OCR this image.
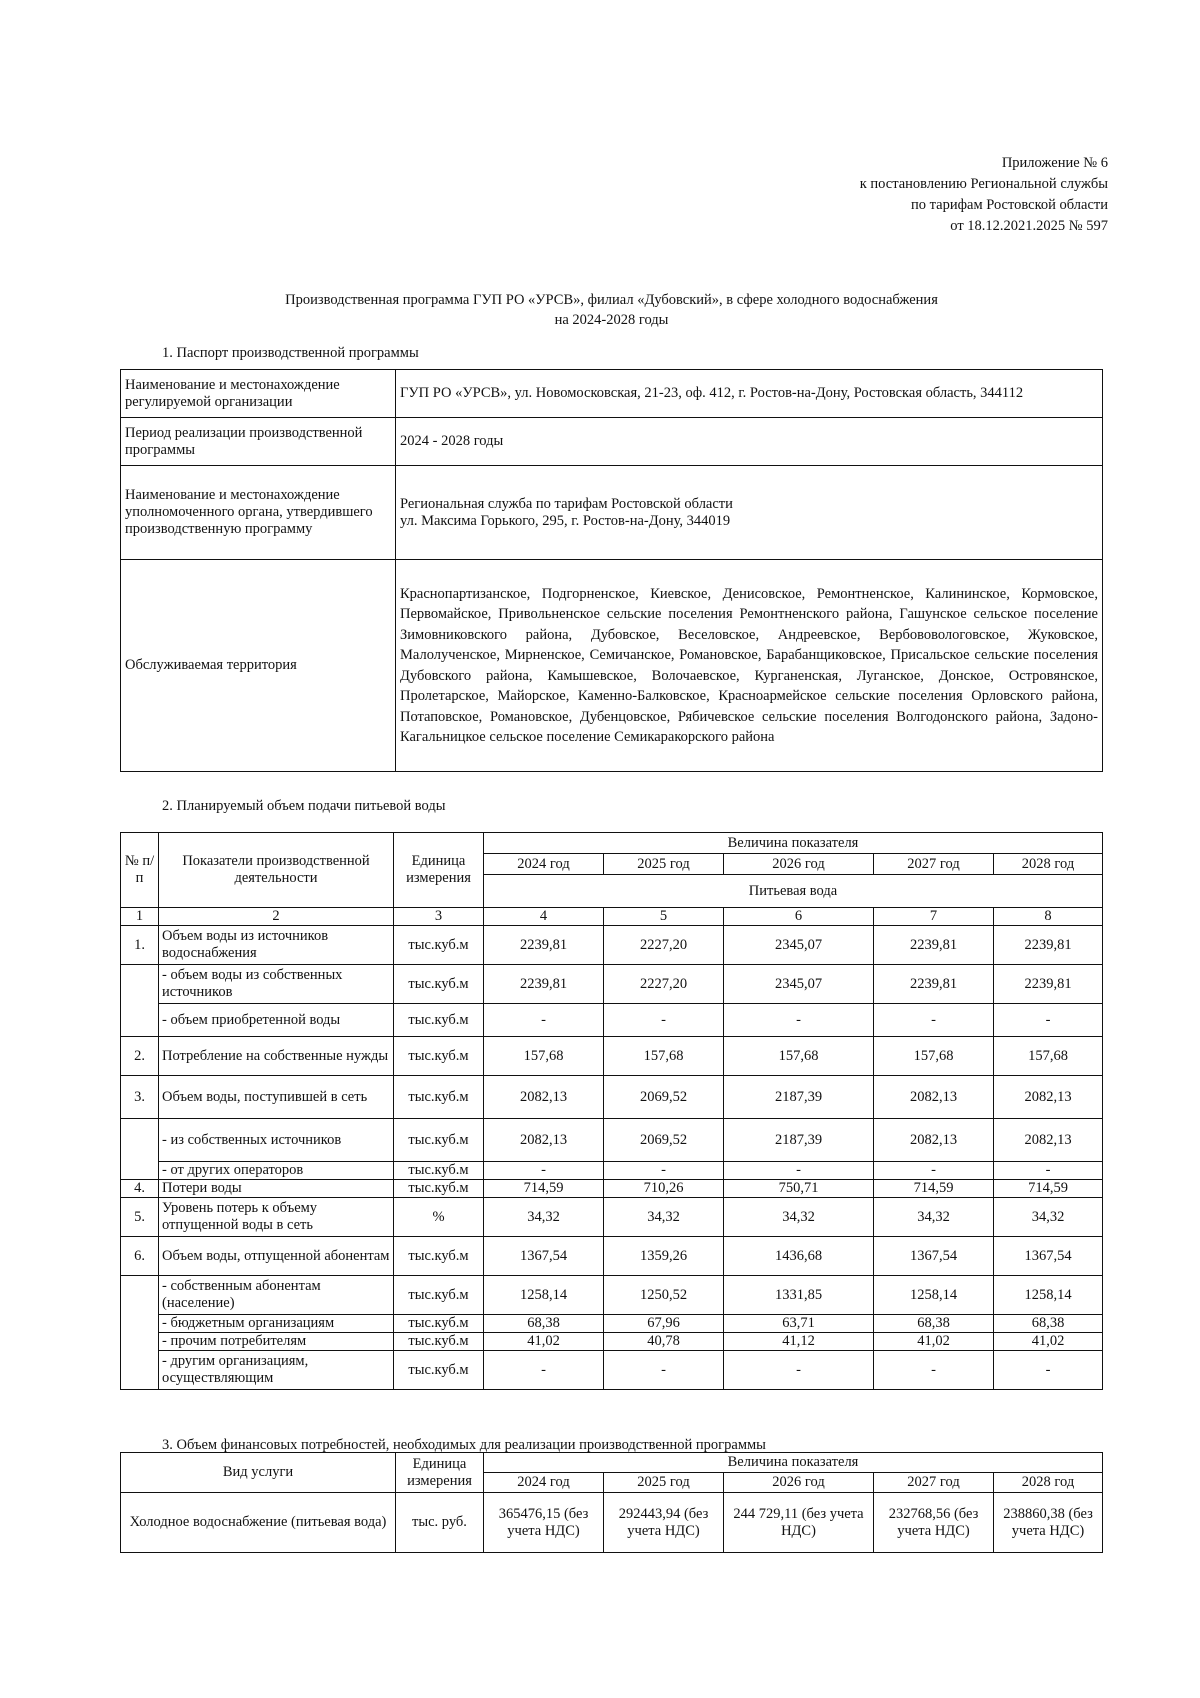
Приложение № 6
к постановлению Региональной службы
по тарифам Ростовской области
от 18.12.2021.2025 № 597
Производственная программа ГУП РО «УРСВ», филиал «Дубовский», в сфере холодного водоснабжения
на 2024-2028 годы
1. Паспорт производственной программы
Наименование и местонахождение регулируемой организации	ГУП РО «УРСВ», ул. Новомосковская, 21-23, оф. 412, г. Ростов-на-Дону, Ростовская область, 344112
Период реализации производственной программы	2024 - 2028 годы
Наименование и местонахождение уполномоченного органа, утвердившего производственную программу	Региональная служба по тарифам Ростовской области
ул. Максима Горького, 295, г. Ростов-на-Дону, 344019

Обслуживаемая территория	Краснопартизанское, Подгорненское, Киевское, Денисовское, Ремонтненское, Калининское, Кормовское, Первомайское, Привольненское сельские поселения Ремонтненского района, Гашунское сельское поселение Зимовниковского района, Дубовское, Веселовское, Андреевское, Вербововологовское, Жуковское, Малолученское, Мирненское, Семичанское, Романовское, Барабанщиковское, Присальское сельские поселения Дубовского района, Камышевское, Волочаевское, Курганенская, Луганское, Донское, Островянское, Пролетарское, Майорское, Каменно-Балковское, Красноармейское сельские поселения Орловского района, Потаповское, Романовское, Дубенцовское, Рябичевское сельские поселения Волгодонского района, Задоно-Кагальницкое сельское поселение Семикаракорского района
2. Планируемый объем подачи питьевой воды
№ п/п	Показатели производственной деятельности	Единица измерения	Величина показателя				
			2024 год	2025 год	2026 год	2027 год	2028 год
			Питьевая вода				
1	2	3	4	5	6	7	8
1.	Объем воды из источников водоснабжения	тыс.куб.м	2239,81	2227,20	2345,07	2239,81	2239,81
	- объем воды из собственных источников	тыс.куб.м	2239,81	2227,20	2345,07	2239,81	2239,81
	- объем приобретенной воды	тыс.куб.м	-	-	-	-	-
2.	Потребление на собственные нужды	тыс.куб.м	157,68	157,68	157,68	157,68	157,68
3.	Объем воды, поступившей в сеть	тыс.куб.м	2082,13	2069,52	2187,39	2082,13	2082,13
	- из собственных источников	тыс.куб.м	2082,13	2069,52	2187,39	2082,13	2082,13
	- от других операторов	тыс.куб.м	-	-	-	-	-
4.	Потери воды	тыс.куб.м	714,59	710,26	750,71	714,59	714,59
5.	Уровень потерь к объему отпущенной воды в сеть	%	34,32	34,32	34,32	34,32	34,32
6.	Объем воды, отпущенной абонентам	тыс.куб.м	1367,54	1359,26	1436,68	1367,54	1367,54
	- собственным абонентам (население)	тыс.куб.м	1258,14	1250,52	1331,85	1258,14	1258,14
	- бюджетным организациям	тыс.куб.м	68,38	67,96	63,71	68,38	68,38
	- прочим потребителям	тыс.куб.м	41,02	40,78	41,12	41,02	41,02
	- другим организациям, осуществляющим	тыс.куб.м	-	-	-	-	-
3. Объем финансовых потребностей, необходимых для реализации производственной программы
Вид услуги	Единица измерения	Величина показателя				
		2024 год	2025 год	2026 год	2027 год	2028 год
Холодное водоснабжение (питьевая вода)	тыс. руб.	365476,15 (без учета НДС)	292443,94 (без учета НДС)	244 729,11 (без учета НДС)	232768,56 (без учета НДС)	238860,38 (без учета НДС)
